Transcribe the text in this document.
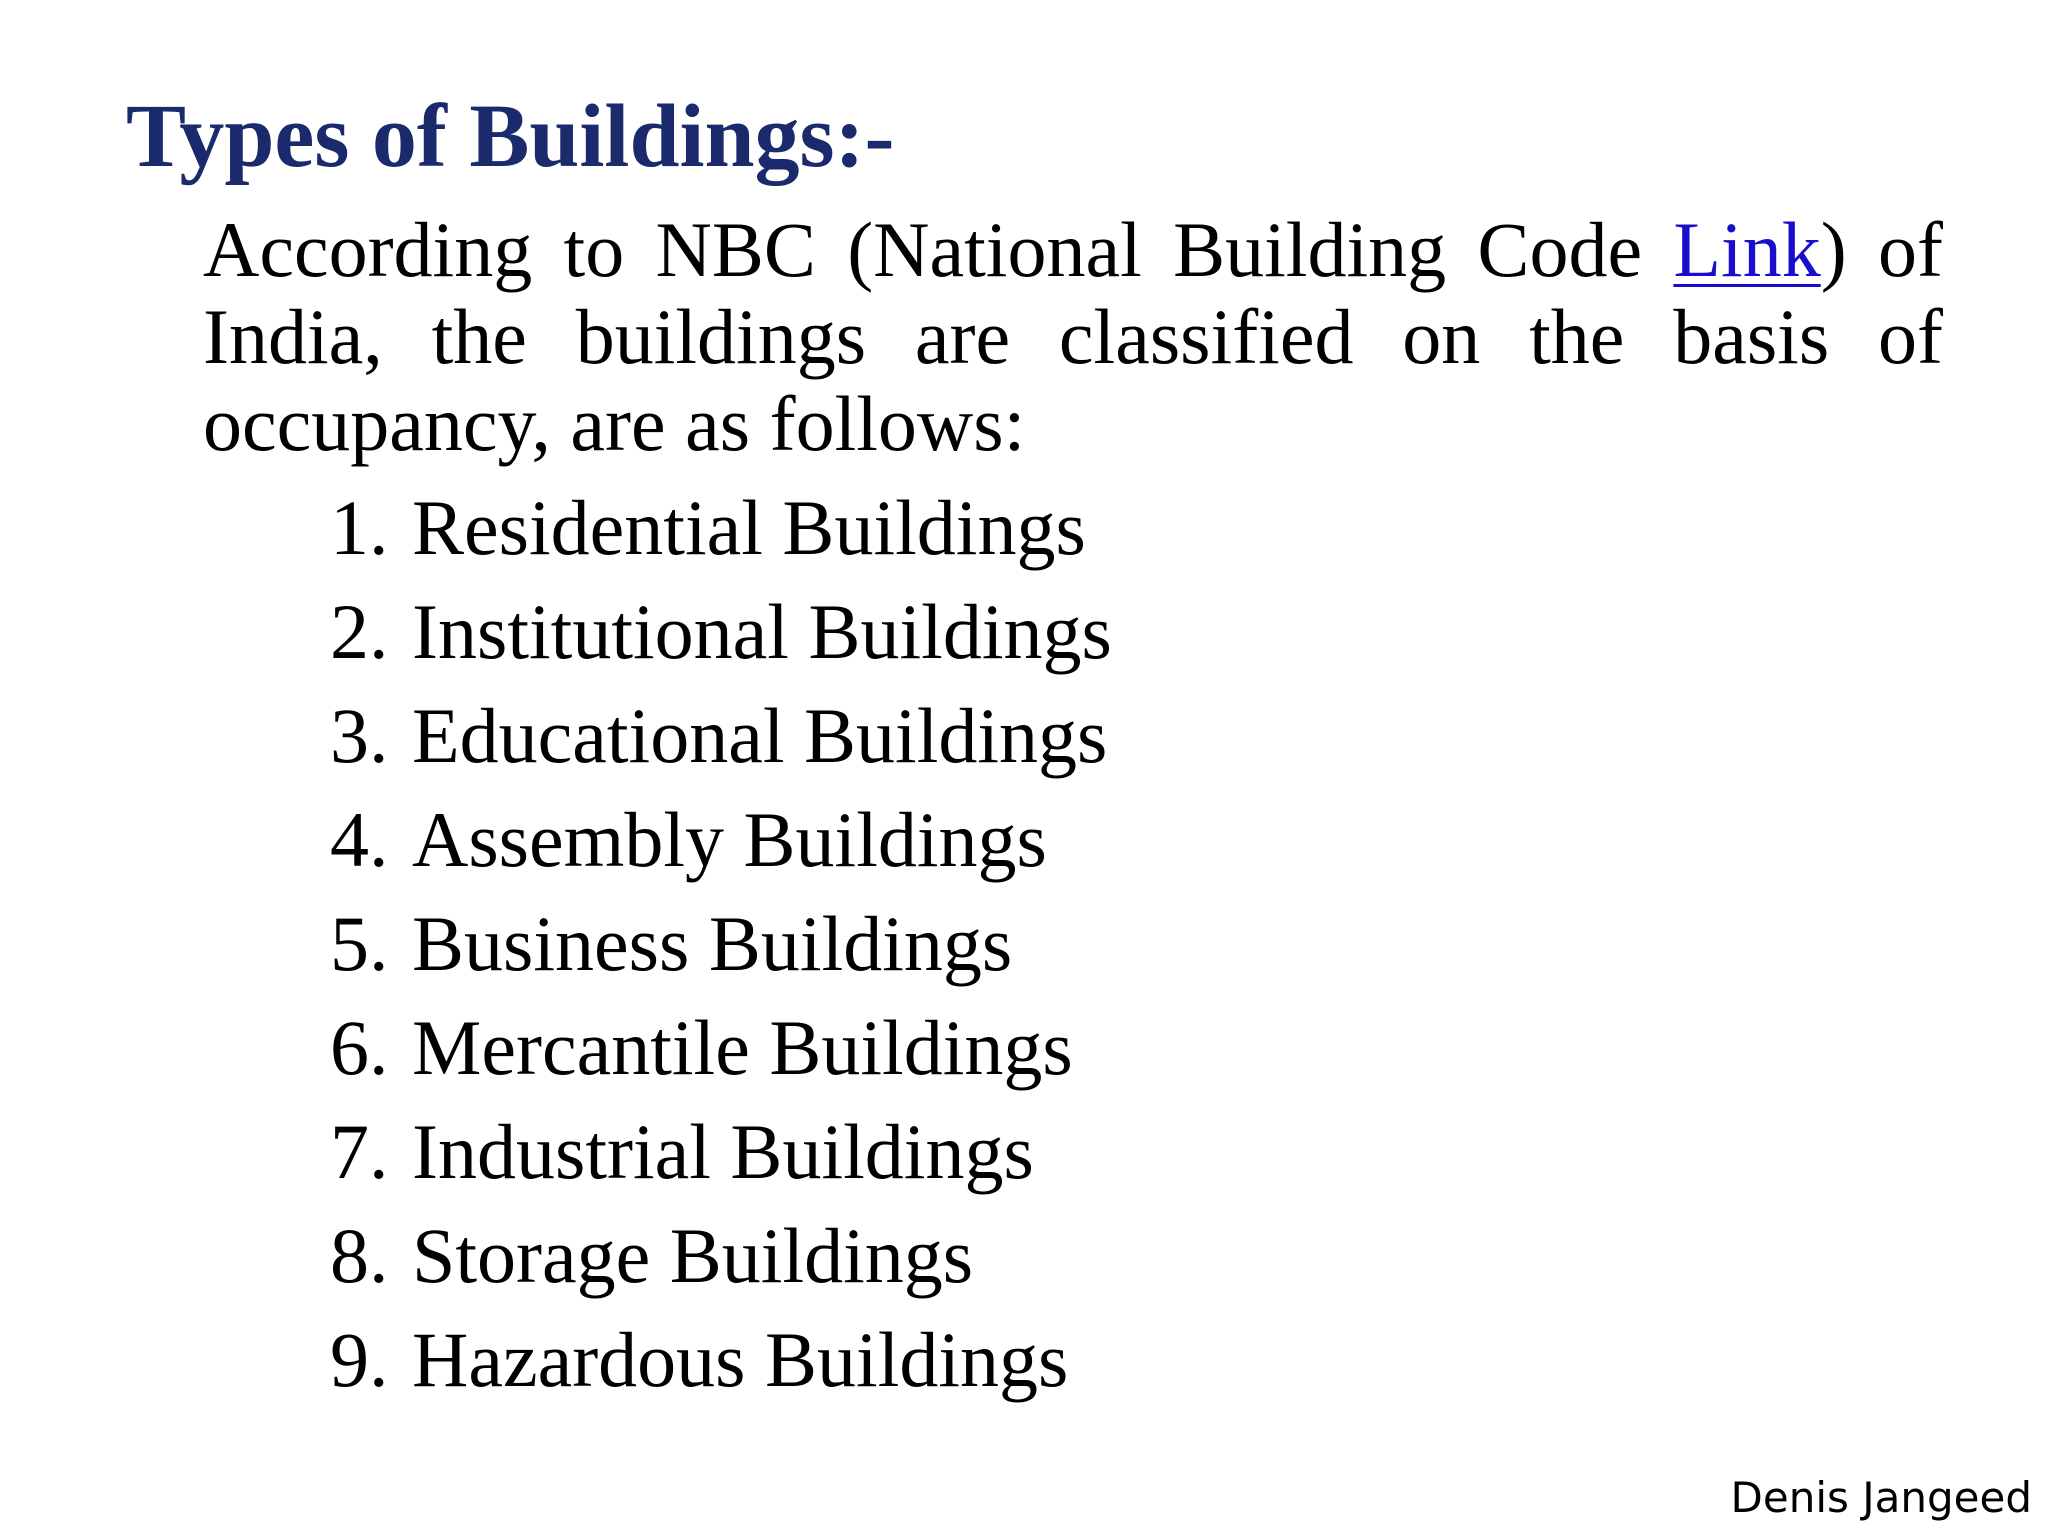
Types of Buildings:-

According to NBC (National Building Code Link) of India, the buildings are classified on the basis of occupancy, are as follows:

1. Residential Buildings
2. Institutional Buildings
3. Educational Buildings
4. Assembly Buildings
5. Business Buildings
6. Mercantile Buildings
7. Industrial Buildings
8. Storage Buildings
9. Hazardous Buildings
Denis Jangeed
